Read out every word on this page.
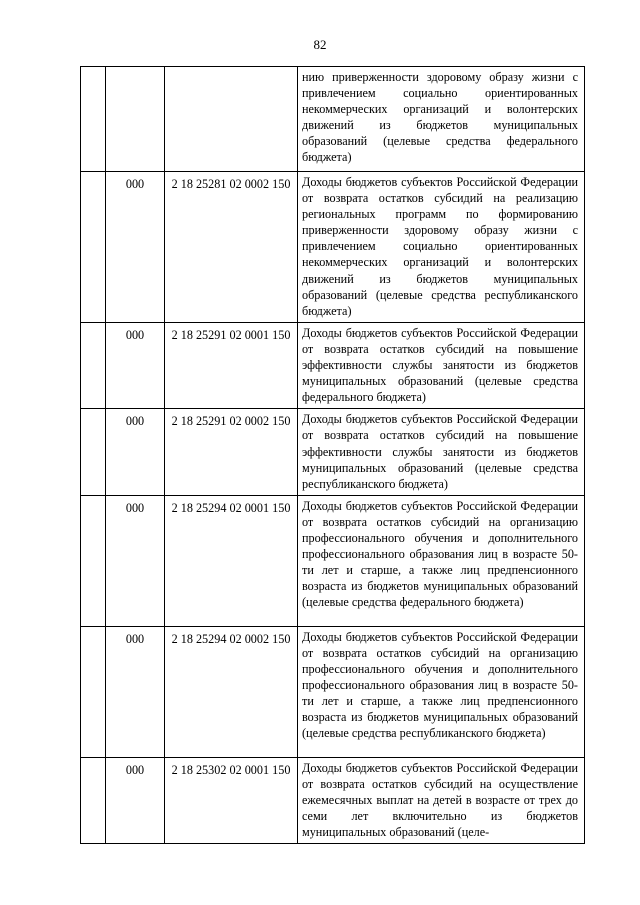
82
			нию приверженности здоровому образу жизни с привлечением социально ориентированных некоммерческих организаций и волонтерских движений из бюджетов муниципальных образований (целевые средства федерального бюджета)
	000	2 18 25281 02 0002 150	Доходы бюджетов субъектов Российской Федерации от возврата остатков субсидий на реализацию региональных программ по формированию приверженности здоровому образу жизни с привлечением социально ориентированных некоммерческих организаций и волонтерских движений из бюджетов муниципальных образований (целевые средства республиканского бюджета)
	000	2 18 25291 02 0001 150	Доходы бюджетов субъектов Российской Федерации от возврата остатков субсидий на повышение эффективности службы занятости из бюджетов муниципальных образований (целевые средства федерального бюджета)
	000	2 18 25291 02 0002 150	Доходы бюджетов субъектов Российской Федерации от возврата остатков субсидий на повышение эффективности службы занятости из бюджетов муниципальных образований (целевые средства республиканского бюджета)
	000	2 18 25294 02 0001 150	Доходы бюджетов субъектов Российской Федерации от возврата остатков субсидий на организацию профессионального обучения и дополнительного профессионального образования лиц в возрасте 50-ти лет и старше, а также лиц предпенсионного возраста из бюджетов муниципальных образований (целевые средства федерального бюджета)
	000	2 18 25294 02 0002 150	Доходы бюджетов субъектов Российской Федерации от возврата остатков субсидий на организацию профессионального обучения и дополнительного профессионального образования лиц в возрасте 50-ти лет и старше, а также лиц предпенсионного возраста из бюджетов муниципальных образований (целевые средства республиканского бюджета)
	000	2 18 25302 02 0001 150	Доходы бюджетов субъектов Российской Федерации от возврата остатков субсидий на осуществление ежемесячных выплат на детей в возрасте от трех до семи лет включительно из бюджетов муниципальных образований (целе-
